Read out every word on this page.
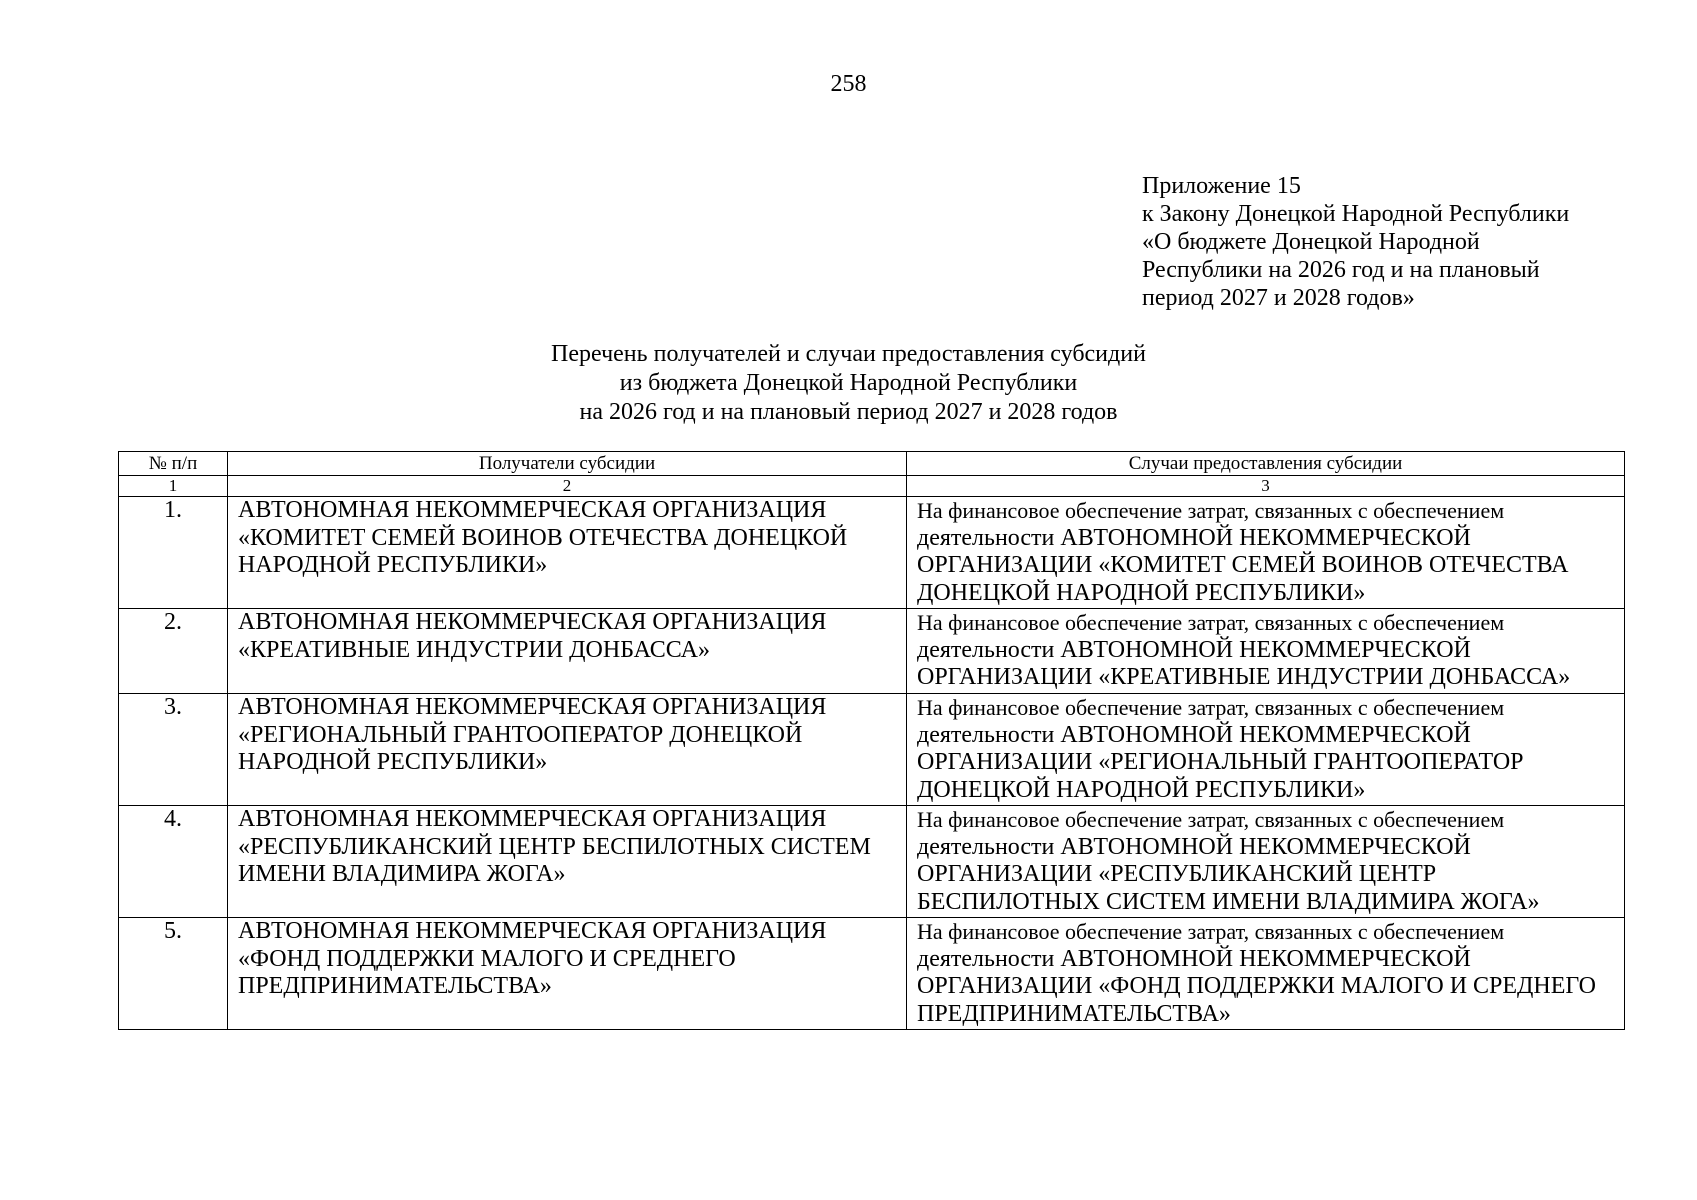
258
Приложение 15
к Закону Донецкой Народной Республики
«О бюджете Донецкой Народной
Республики на 2026 год и на плановый
период 2027 и 2028 годов»
Перечень получателей и случаи предоставления субсидий
из бюджета Донецкой Народной Республики
на 2026 год и на плановый период 2027 и 2028 годов
№ п/п	Получатели субсидии	Случаи предоставления субсидии
1	2	3
1.	АВТОНОМНАЯ НЕКОММЕРЧЕСКАЯ ОРГАНИЗАЦИЯ
«КОМИТЕТ СЕМЕЙ ВОИНОВ ОТЕЧЕСТВА ДОНЕЦКОЙ
НАРОДНОЙ РЕСПУБЛИКИ»	На финансовое обеспечение затрат, связанных с обеспечением
деятельности АВТОНОМНОЙ НЕКОММЕРЧЕСКОЙ
ОРГАНИЗАЦИИ «КОМИТЕТ СЕМЕЙ ВОИНОВ ОТЕЧЕСТВА
ДОНЕЦКОЙ НАРОДНОЙ РЕСПУБЛИКИ»

2.	АВТОНОМНАЯ НЕКОММЕРЧЕСКАЯ ОРГАНИЗАЦИЯ
«КРЕАТИВНЫЕ ИНДУСТРИИ ДОНБАССА»	На финансовое обеспечение затрат, связанных с обеспечением
деятельности АВТОНОМНОЙ НЕКОММЕРЧЕСКОЙ
ОРГАНИЗАЦИИ «КРЕАТИВНЫЕ ИНДУСТРИИ ДОНБАССА»

3.	АВТОНОМНАЯ НЕКОММЕРЧЕСКАЯ ОРГАНИЗАЦИЯ
«РЕГИОНАЛЬНЫЙ ГРАНТООПЕРАТОР ДОНЕЦКОЙ
НАРОДНОЙ РЕСПУБЛИКИ»	На финансовое обеспечение затрат, связанных с обеспечением
деятельности АВТОНОМНОЙ НЕКОММЕРЧЕСКОЙ
ОРГАНИЗАЦИИ «РЕГИОНАЛЬНЫЙ ГРАНТООПЕРАТОР
ДОНЕЦКОЙ НАРОДНОЙ РЕСПУБЛИКИ»

4.	АВТОНОМНАЯ НЕКОММЕРЧЕСКАЯ ОРГАНИЗАЦИЯ
«РЕСПУБЛИКАНСКИЙ ЦЕНТР БЕСПИЛОТНЫХ СИСТЕМ
ИМЕНИ ВЛАДИМИРА ЖОГА»	На финансовое обеспечение затрат, связанных с обеспечением
деятельности АВТОНОМНОЙ НЕКОММЕРЧЕСКОЙ
ОРГАНИЗАЦИИ «РЕСПУБЛИКАНСКИЙ ЦЕНТР
БЕСПИЛОТНЫХ СИСТЕМ ИМЕНИ ВЛАДИМИРА ЖОГА»

5.	АВТОНОМНАЯ НЕКОММЕРЧЕСКАЯ ОРГАНИЗАЦИЯ
«ФОНД ПОДДЕРЖКИ МАЛОГО И СРЕДНЕГО
ПРЕДПРИНИМАТЕЛЬСТВА»	На финансовое обеспечение затрат, связанных с обеспечением
деятельности АВТОНОМНОЙ НЕКОММЕРЧЕСКОЙ
ОРГАНИЗАЦИИ «ФОНД ПОДДЕРЖКИ МАЛОГО И СРЕДНЕГО
ПРЕДПРИНИМАТЕЛЬСТВА»
